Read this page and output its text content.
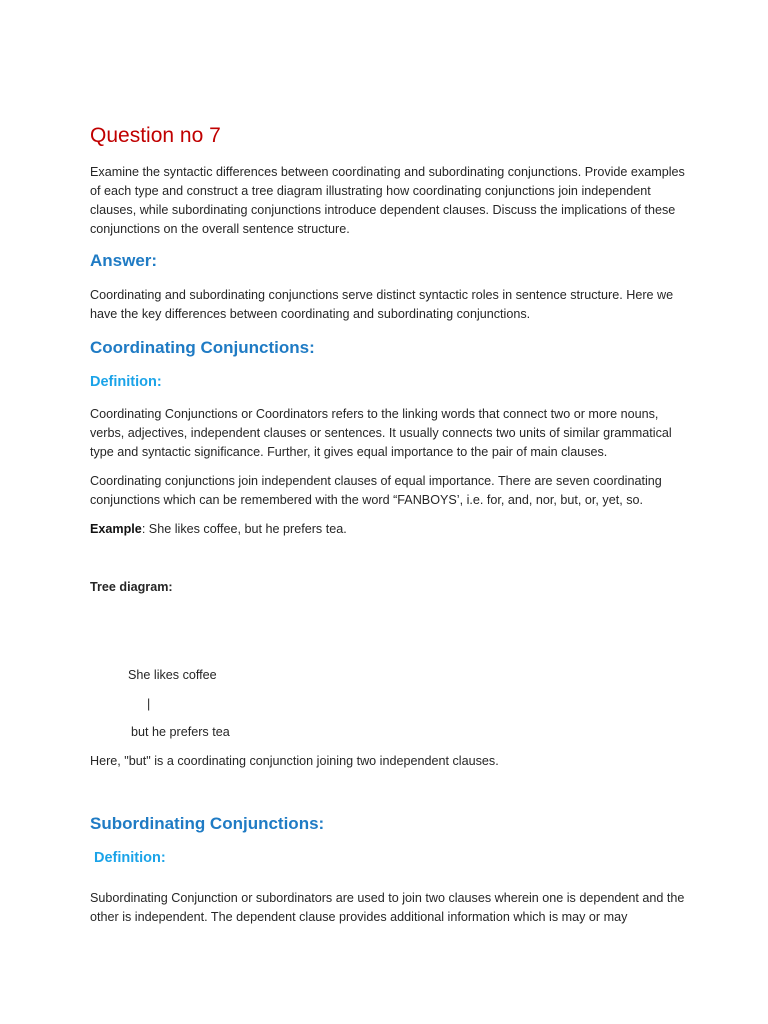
Question no 7

Examine the syntactic differences between coordinating and subordinating conjunctions. Provide examples of each type and construct a tree diagram illustrating how coordinating conjunctions join independent clauses, while subordinating conjunctions introduce dependent clauses. Discuss the implications of these conjunctions on the overall sentence structure.

Answer:

Coordinating and subordinating conjunctions serve distinct syntactic roles in sentence structure. Here we have the key differences between coordinating and subordinating conjunctions.

Coordinating Conjunctions:
Definition:

Coordinating Conjunctions or Coordinators refers to the linking words that connect two or more nouns, verbs, adjectives, independent clauses or sentences. It usually connects two units of similar grammatical type and syntactic significance. Further, it gives equal importance to the pair of main clauses.

Coordinating conjunctions join independent clauses of equal importance. There are seven coordinating conjunctions which can be remembered with the word “FANBOYS’, i.e. for, and, nor, but, or, yet, so.

Example: She likes coffee, but he prefers tea.

Tree diagram:
She likes coffee
|
but he prefers tea

Here, "but" is a coordinating conjunction joining two independent clauses.

Subordinating Conjunctions:
Definition:

Subordinating Conjunction or subordinators are used to join two clauses wherein one is dependent and the other is independent. The dependent clause provides additional information which is may or may
